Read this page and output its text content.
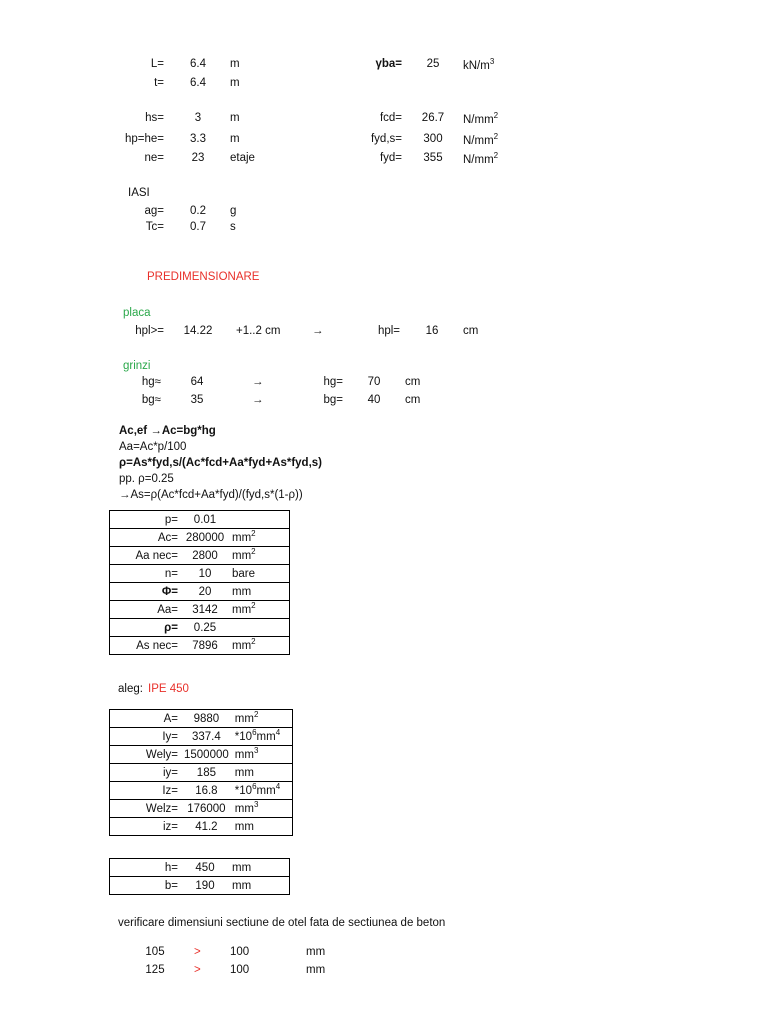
L=	6.4	m
t=	6.4	m
hs=	3	m
hp=he=	3.3	m
ne=	23	etaje
γba=	25	$kN/m^3$
fcd=	26.7	$N/mm^2$
fyd,s=	300	$N/mm^2$
fyd=	355	$N/mm^2$
IASI
ag=	0.2	g
Tc=	0.7	s
PREDIMENSIONARE
placa
hpl>=	14.22	+1..2 cm	→	hpl=	16	cm
grinzi
hg≈	64	→	hg=	70	cm
bg≈	35	→	bg=	40	cm
Ac,ef →Ac=bg*hg
Aa=Ac*p/100
ρ=As*fyd,s/(Ac*fcd+Aa*fyd+As*fyd,s)
pp. ρ=0.25
→As=ρ(Ac*fcd+Aa*fyd)/(fyd,s*(1-ρ))
p=	0.01	
Ac=	280000	$mm^2$
Aa nec=	2800	$mm^2$
n=	10	bare
Φ=	20	mm
Aa=	3142	$mm^2$
ρ=	0.25	
As nec=	7896	$mm^2$
aleg: IPE 450
A=	9880	$mm^2$
Iy=	337.4	$*10^6mm^4$
Wely=	1500000	$mm^3$
iy=	185	mm
Iz=	16.8	$*10^6mm^4$
Welz=	176000	$mm^3$
iz=	41.2	mm
h=	450	mm
b=	190	mm
verificare dimensiuni sectiune de otel fata de sectiunea de beton
105	>	100	mm
125	>	100	mm
